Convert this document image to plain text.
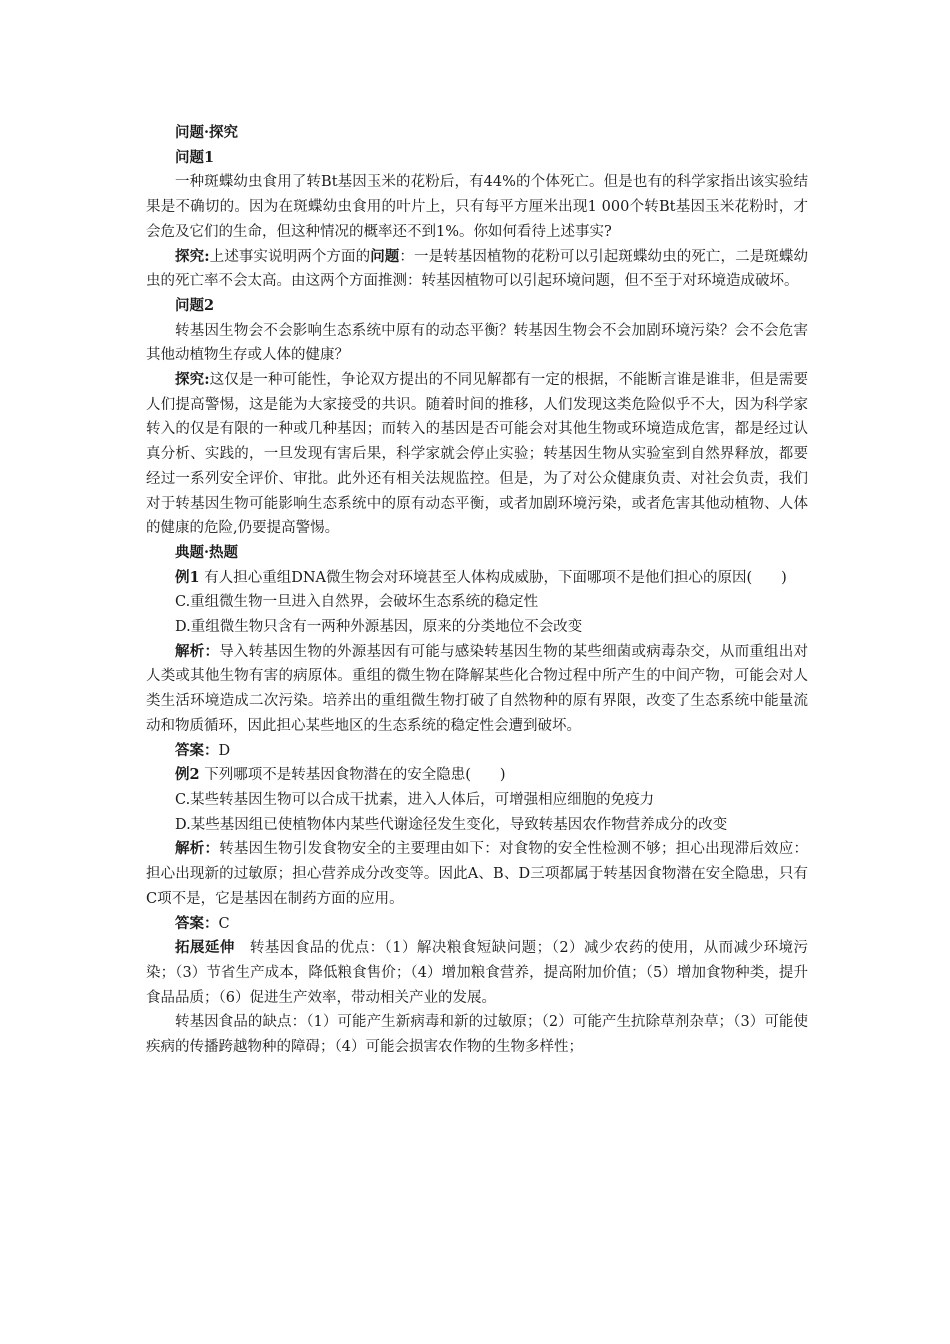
问题·探究

问题1

一种斑蝶幼虫食用了转Bt基因玉米的花粉后，有44%的个体死亡。但是也有的科学家指出该实验结果是不确切的。因为在斑蝶幼虫食用的叶片上，只有每平方厘米出现1 000个转Bt基因玉米花粉时，才会危及它们的生命，但这种情况的概率还不到1%。你如何看待上述事实?

探究:上述事实说明两个方面的问题：一是转基因植物的花粉可以引起斑蝶幼虫的死亡，二是斑蝶幼虫的死亡率不会太高。由这两个方面推测：转基因植物可以引起环境问题，但不至于对环境造成破坏。

问题2

转基因生物会不会影响生态系统中原有的动态平衡？转基因生物会不会加剧环境污染？会不会危害其他动植物生存或人体的健康？

探究:这仅是一种可能性，争论双方提出的不同见解都有一定的根据，不能断言谁是谁非，但是需要人们提高警惕，这是能为大家接受的共识。随着时间的推移，人们发现这类危险似乎不大，因为科学家转入的仅是有限的一种或几种基因；而转入的基因是否可能会对其他生物或环境造成危害，都是经过认真分析、实践的，一旦发现有害后果，科学家就会停止实验；转基因生物从实验室到自然界释放，都要经过一系列安全评价、审批。此外还有相关法规监控。但是，为了对公众健康负责、对社会负责，我们对于转基因生物可能影响生态系统中的原有动态平衡，或者加剧环境污染，或者危害其他动植物、人体的健康的危险,仍要提高警惕。

典题·热题

例1 有人担心重组DNA微生物会对环境甚至人体构成威胁，下面哪项不是他们担心的原因(　　)

C.重组微生物一旦进入自然界，会破坏生态系统的稳定性

D.重组微生物只含有一两种外源基因，原来的分类地位不会改变

解析：导入转基因生物的外源基因有可能与感染转基因生物的某些细菌或病毒杂交，从而重组出对人类或其他生物有害的病原体。重组的微生物在降解某些化合物过程中所产生的中间产物，可能会对人类生活环境造成二次污染。培养出的重组微生物打破了自然物种的原有界限，改变了生态系统中能量流动和物质循环，因此担心某些地区的生态系统的稳定性会遭到破坏。

答案：D

例2 下列哪项不是转基因食物潜在的安全隐患(　　)

C.某些转基因生物可以合成干扰素，进入人体后，可增强相应细胞的免疫力

D.某些基因组已使植物体内某些代谢途径发生变化，导致转基因农作物营养成分的改变

解析：转基因生物引发食物安全的主要理由如下：对食物的安全性检测不够；担心出现滞后效应：担心出现新的过敏原；担心营养成分改变等。因此A、B、D三项都属于转基因食物潜在安全隐患，只有C项不是，它是基因在制药方面的应用。

答案：C

拓展延伸　转基因食品的优点：（1）解决粮食短缺问题；（2）减少农药的使用，从而减少环境污染；（3）节省生产成本，降低粮食售价；（4）增加粮食营养，提高附加价值；（5）增加食物种类，提升食品品质；（6）促进生产效率，带动相关产业的发展。

转基因食品的缺点：（1）可能产生新病毒和新的过敏原；（2）可能产生抗除草剂杂草；（3）可能使疾病的传播跨越物种的障碍；（4）可能会损害农作物的生物多样性；
